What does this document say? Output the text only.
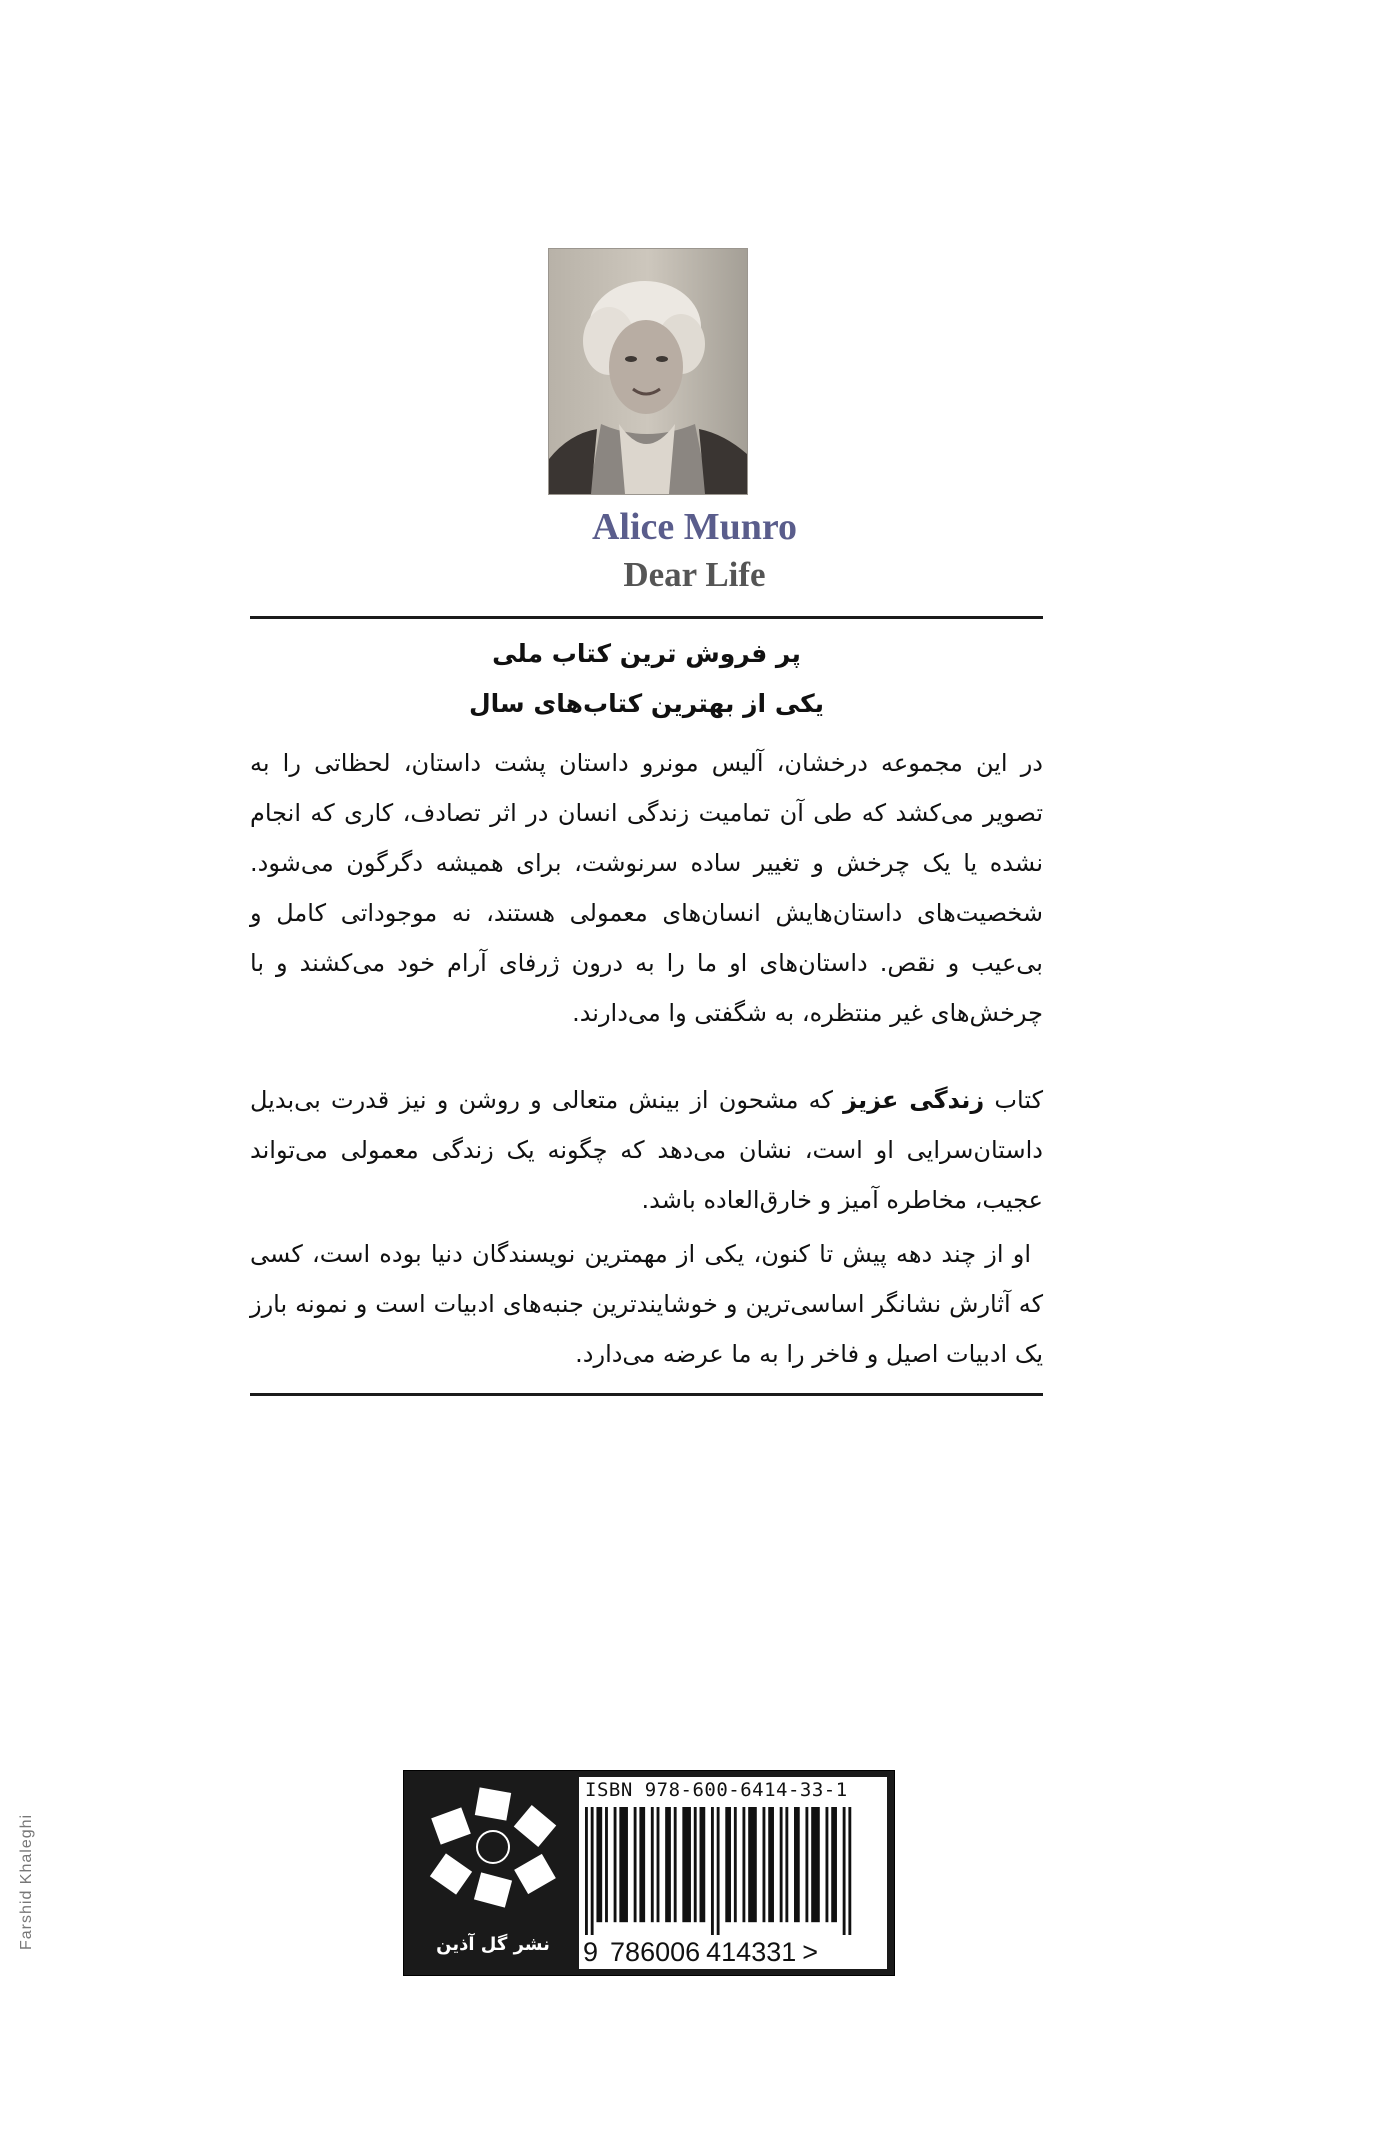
Alice Munro
Dear Life

پر فروش ترین کتاب ملی

یکی از بهترین کتاب‌های سال

در این مجموعه درخشان، آلیس مونرو داستان پشت داستان، لحظاتی را به تصویر می‌کشد که طی آن تمامیت زندگی انسان در اثر تصادف، کاری که انجام نشده یا یک چرخش و تغییر ساده سرنوشت، برای همیشه دگرگون می‌شود. شخصیت‌های داستان‌هایش انسان‌های معمولی هستند، نه موجوداتی کامل و بی‌عیب و نقص. داستان‌های او ما را به درون ژرفای آرام خود می‌کشند و با چرخش‌های غیر منتظره، به شگفتی وا می‌دارند.

کتاب زندگی عزیز که مشحون از بینش متعالی و روشن و نیز قدرت بی‌بدیل داستان‌سرایی او است، نشان می‌دهد که چگونه یک زندگی معمولی می‌تواند عجیب، مخاطره آمیز و خارق‌العاده باشد.

او از چند دهه پیش تا کنون، یکی از مهمترین نویسندگان دنیا بوده است، کسی که آثارش نشانگر اساسی‌ترین و خوشایندترین جنبه‌های ادبیات است و نمونه بارز یک ادبیات اصیل و فاخر را به ما عرضه می‌دارد.

Farshid Khaleghi	نشر گل آذین
ISBN 978-600-6414-33-1
9 786006 414331 >
